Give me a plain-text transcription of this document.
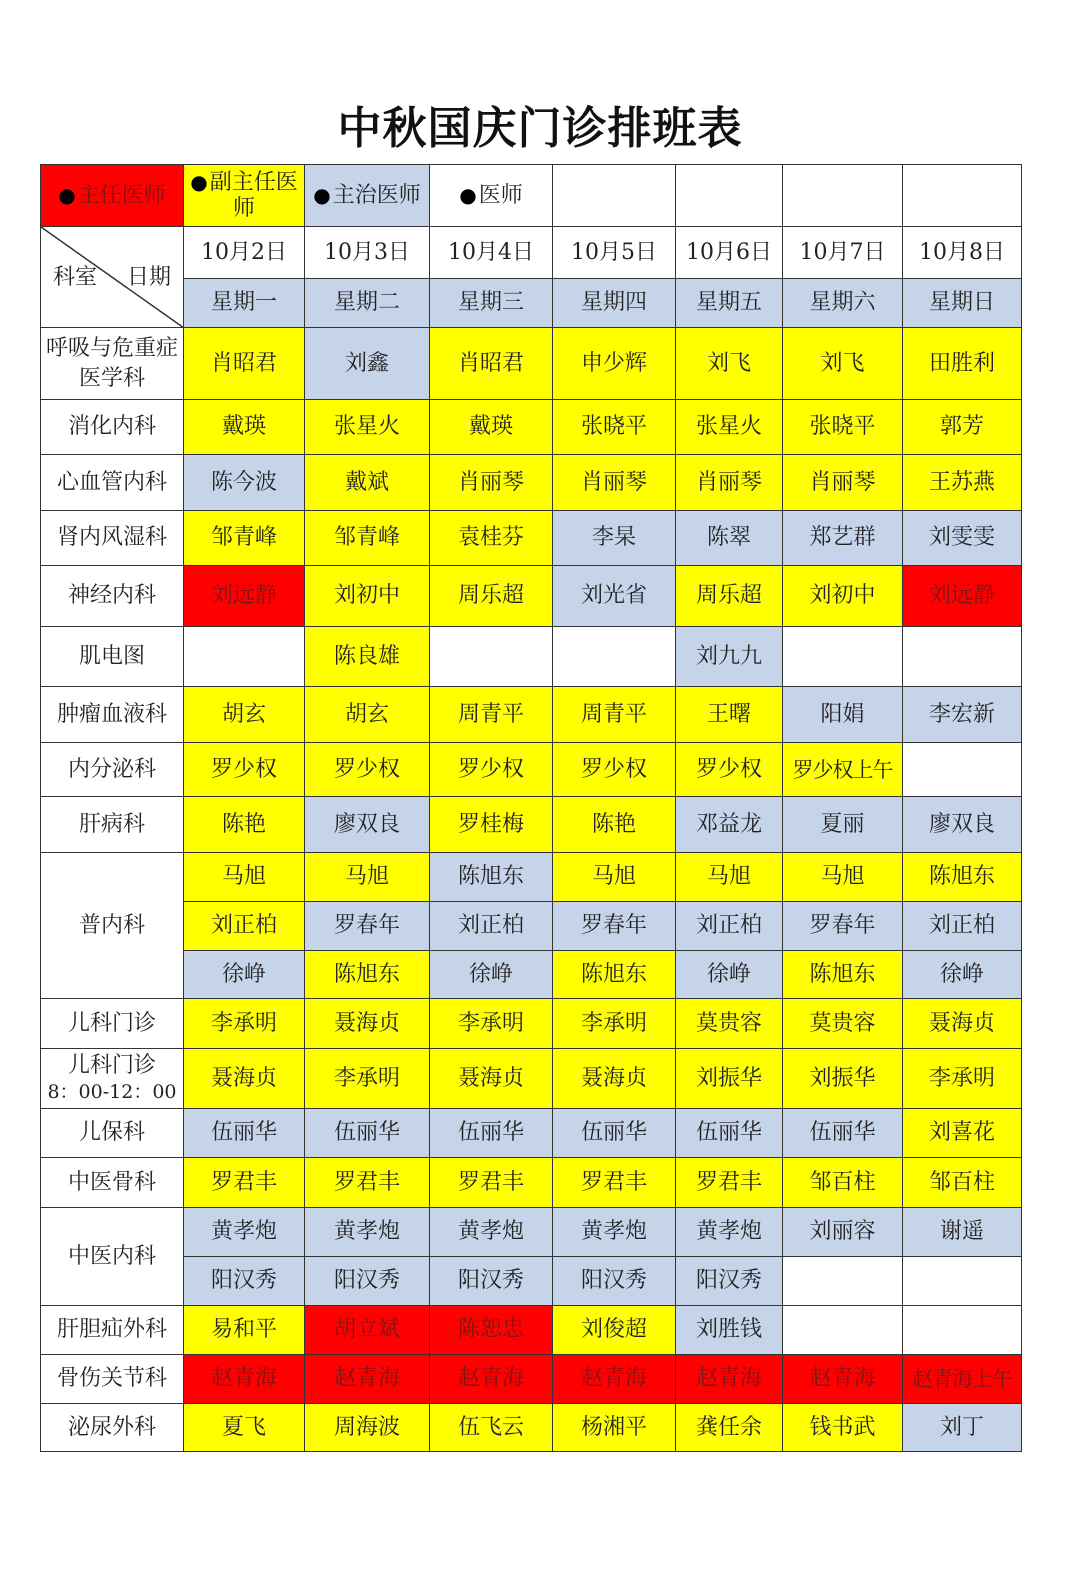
中秋国庆门诊排班表
●主任医师	●副主任医师	●主治医师	●医师				

科室 日期	10月2日	10月3日	10月4日	10月5日	10月6日	10月7日	10月8日
	星期一	星期二	星期三	星期四	星期五	星期六	星期日
呼吸与危重症医学科	肖昭君	刘鑫	肖昭君	申少辉	刘飞	刘飞	田胜利
消化内科	戴瑛	张星火	戴瑛	张晓平	张星火	张晓平	郭芳
心血管内科	陈今波	戴斌	肖丽琴	肖丽琴	肖丽琴	肖丽琴	王苏燕
肾内风湿科	邹青峰	邹青峰	袁桂芬	李杲	陈翠	郑艺群	刘雯雯
神经内科	刘远静	刘初中	周乐超	刘光省	周乐超	刘初中	刘远静
肌电图		陈良雄			刘九九		
肿瘤血液科	胡玄	胡玄	周青平	周青平	王曙	阳娟	李宏新
内分泌科	罗少权	罗少权	罗少权	罗少权	罗少权	罗少权上午	
肝病科	陈艳	廖双良	罗桂梅	陈艳	邓益龙	夏丽	廖双良
普内科	马旭	马旭	陈旭东	马旭	马旭	马旭	陈旭东
	刘正柏	罗春年	刘正柏	罗春年	刘正柏	罗春年	刘正柏
	徐峥	陈旭东	徐峥	陈旭东	徐峥	陈旭东	徐峥
儿科门诊	李承明	聂海贞	李承明	李承明	莫贵容	莫贵容	聂海贞
儿科门诊
8：00-12：00	聂海贞	李承明	聂海贞	聂海贞	刘振华	刘振华	李承明
儿保科	伍丽华	伍丽华	伍丽华	伍丽华	伍丽华	伍丽华	刘喜花
中医骨科	罗君丰	罗君丰	罗君丰	罗君丰	罗君丰	邹百柱	邹百柱
中医内科	黄孝炮	黄孝炮	黄孝炮	黄孝炮	黄孝炮	刘丽容	谢遥
	阳汉秀	阳汉秀	阳汉秀	阳汉秀	阳汉秀		
肝胆疝外科	易和平	胡立斌	陈恕忠	刘俊超	刘胜钱		
骨伤关节科	赵青海	赵青海	赵青海	赵青海	赵青海	赵青海	赵青海上午
泌尿外科	夏飞	周海波	伍飞云	杨湘平	龚任余	钱书武	刘丁
